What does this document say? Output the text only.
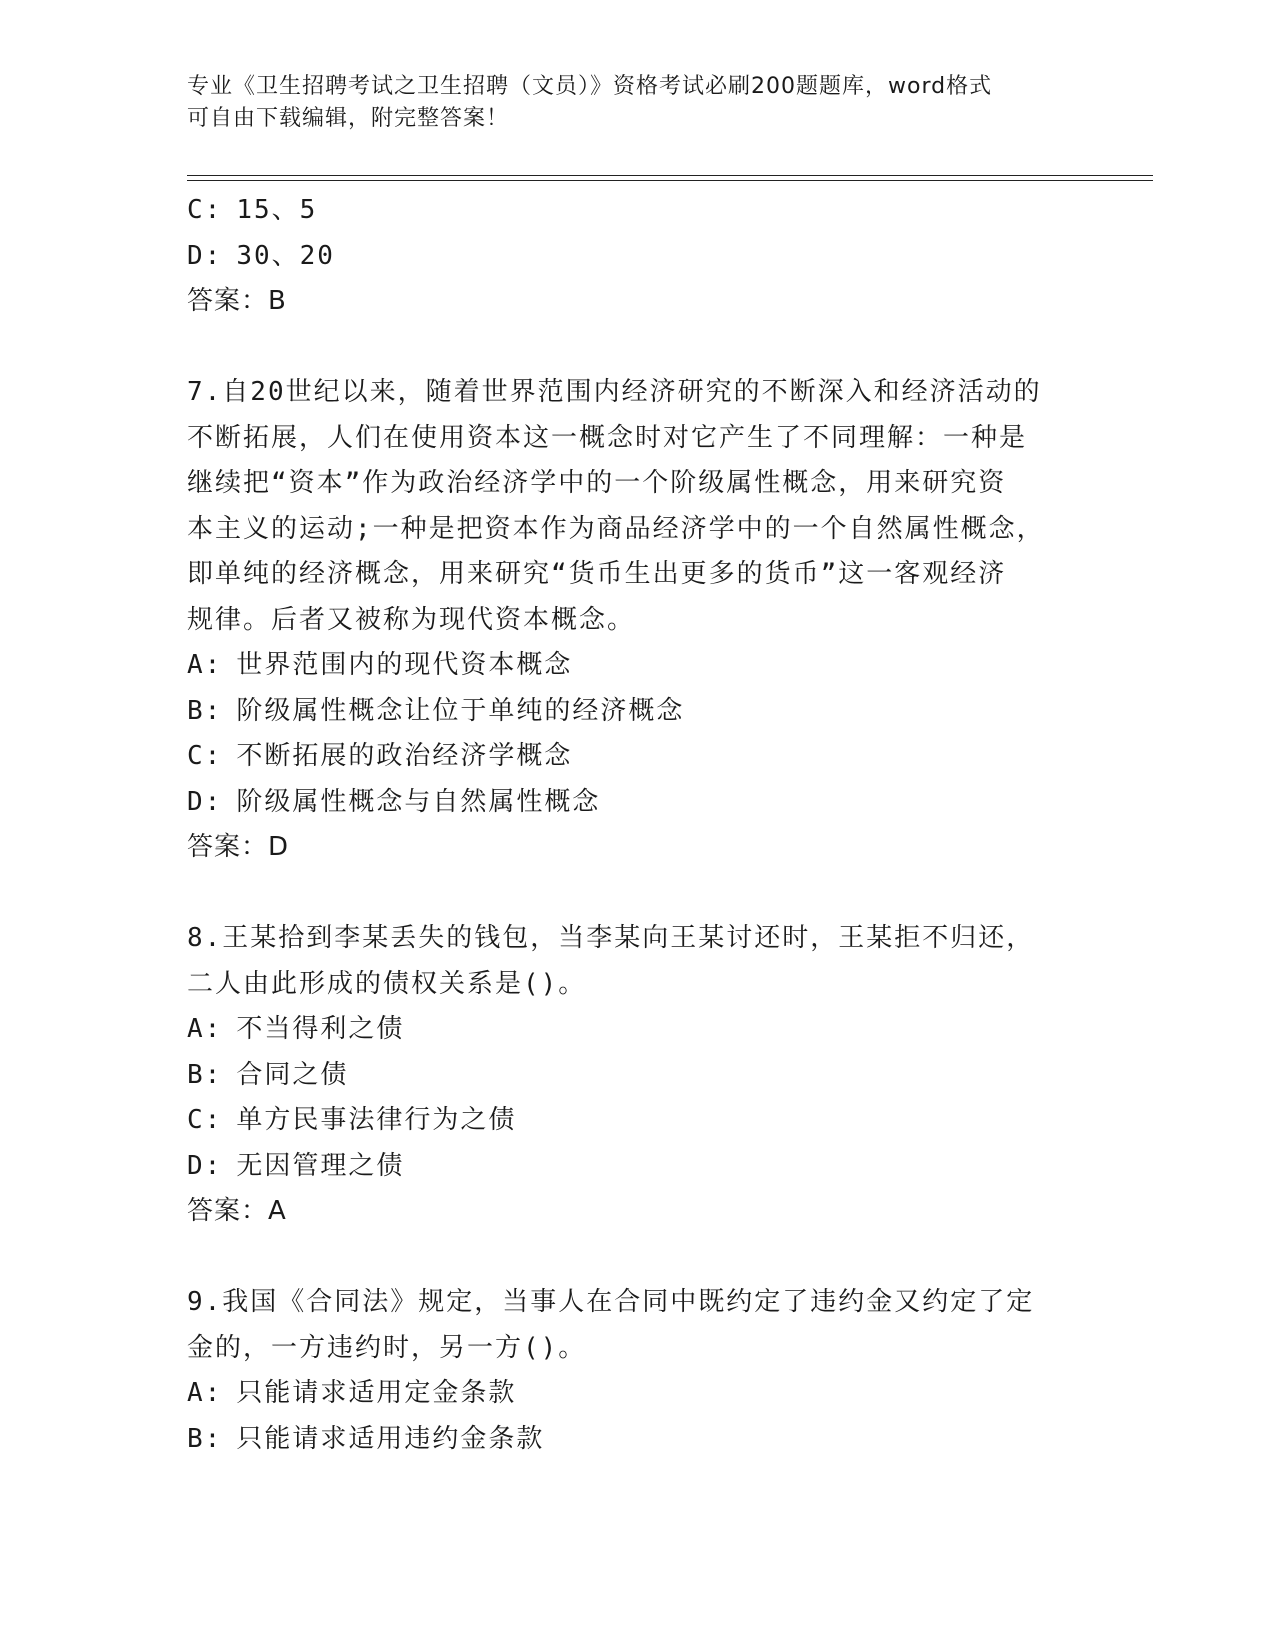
专业《卫生招聘考试之卫生招聘（文员）》资格考试必刷200题题库，word格式
可自由下载编辑，附完整答案！
C: 15、5
D: 30、20
答案：B
7.自20世纪以来，随着世界范围内经济研究的不断深入和经济活动的
不断拓展，人们在使用资本这一概念时对它产生了不同理解：一种是
继续把“资本”作为政治经济学中的一个阶级属性概念，用来研究资
本主义的运动;一种是把资本作为商品经济学中的一个自然属性概念，
即单纯的经济概念，用来研究“货币生出更多的货币”这一客观经济
规律。后者又被称为现代资本概念。
A: 世界范围内的现代资本概念
B: 阶级属性概念让位于单纯的经济概念
C: 不断拓展的政治经济学概念
D: 阶级属性概念与自然属性概念
答案：D
8.王某拾到李某丢失的钱包，当李某向王某讨还时，王某拒不归还，
二人由此形成的债权关系是()。
A: 不当得利之债
B: 合同之债
C: 单方民事法律行为之债
D: 无因管理之债
答案：A
9.我国《合同法》规定，当事人在合同中既约定了违约金又约定了定
金的，一方违约时，另一方()。
A: 只能请求适用定金条款
B: 只能请求适用违约金条款
